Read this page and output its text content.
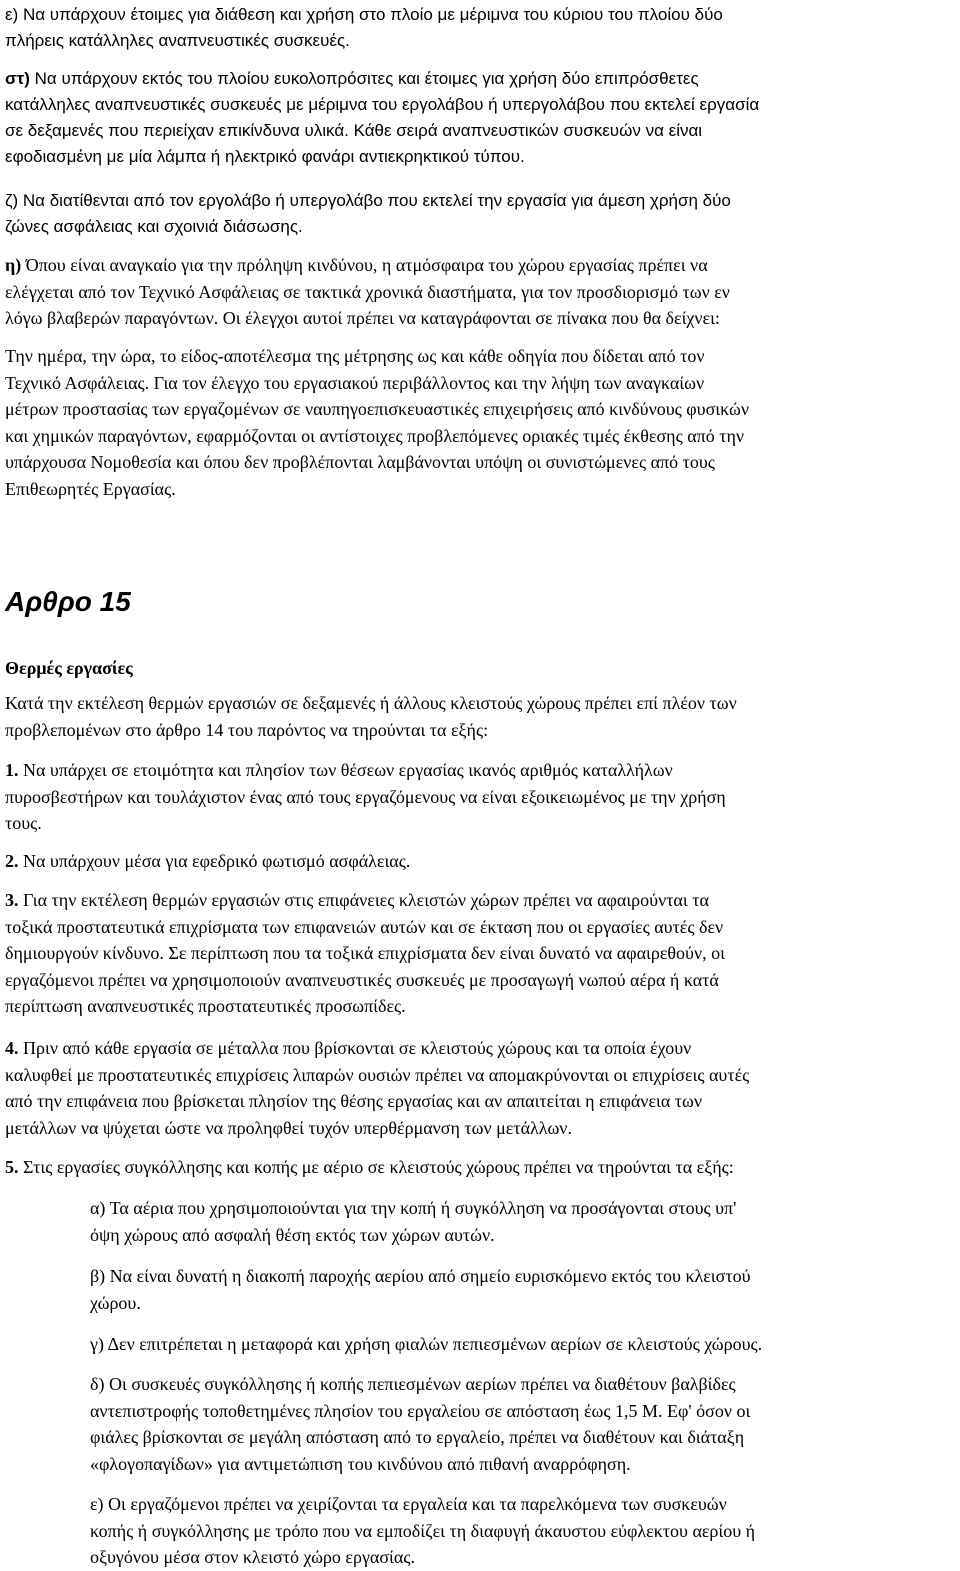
ε) Να υπάρχουν έτοιμες για διάθεση και χρήση στο πλοίο με μέριμνα του κύριου του πλοίου δύο
πλήρεις κατάλληλες αναπνευστικές συσκευές.

στ) Να υπάρχουν εκτός του πλοίου ευκολοπρόσιτες και έτοιμες για χρήση δύο επιπρόσθετες
κατάλληλες αναπνευστικές συσκευές με μέριμνα του εργολάβου ή υπεργολάβου που εκτελεί εργασία
σε δεξαμενές που περιείχαν επικίνδυνα υλικά. Κάθε σειρά αναπνευστικών συσκευών να είναι
εφοδιασμένη με μία λάμπα ή ηλεκτρικό φανάρι αντιεκρηκτικού τύπου.

ζ) Να διατίθενται από τον εργολάβο ή υπεργολάβο που εκτελεί την εργασία για άμεση χρήση δύο
ζώνες ασφάλειας και σχοινιά διάσωσης.

η) Όπου είναι αναγκαίο για την πρόληψη κινδύνου, η ατμόσφαιρα του χώρου εργασίας πρέπει να
ελέγχεται από τον Τεχνικό Ασφάλειας σε τακτικά χρονικά διαστήματα, για τον προσδιορισμό των εν
λόγω βλαβερών παραγόντων. Οι έλεγχοι αυτοί πρέπει να καταγράφονται σε πίνακα που θα δείχνει:

Την ημέρα, την ώρα, το είδος-αποτέλεσμα της μέτρησης ως και κάθε οδηγία που δίδεται από τον
Τεχνικό Ασφάλειας. Για τον έλεγχο του εργασιακού περιβάλλοντος και την λήψη των αναγκαίων
μέτρων προστασίας των εργαζομένων σε ναυπηγοεπισκευαστικές επιχειρήσεις από κινδύνους φυσικών
και χημικών παραγόντων, εφαρμόζονται οι αντίστοιχες προβλεπόμενες οριακές τιμές έκθεσης από την
υπάρχουσα Νομοθεσία και όπου δεν προβλέπονται λαμβάνονται υπόψη οι συνιστώμενες από τους
Επιθεωρητές Εργασίας.

Αρθρο 15
Θερμές εργασίες

Κατά την εκτέλεση θερμών εργασιών σε δεξαμενές ή άλλους κλειστούς χώρους πρέπει επί πλέον των
προβλεπομένων στο άρθρο 14 του παρόντος να τηρούνται τα εξής:

1. Να υπάρχει σε ετοιμότητα και πλησίον των θέσεων εργασίας ικανός αριθμός καταλλήλων
πυροσβεστήρων και τουλάχιστον ένας από τους εργαζόμενους να είναι εξοικειωμένος με την χρήση
τους.

2. Να υπάρχουν μέσα για εφεδρικό φωτισμό ασφάλειας.

3. Για την εκτέλεση θερμών εργασιών στις επιφάνειες κλειστών χώρων πρέπει να αφαιρούνται τα
τοξικά προστατευτικά επιχρίσματα των επιφανειών αυτών και σε έκταση που οι εργασίες αυτές δεν
δημιουργούν κίνδυνο. Σε περίπτωση που τα τοξικά επιχρίσματα δεν είναι δυνατό να αφαιρεθούν, οι
εργαζόμενοι πρέπει να χρησιμοποιούν αναπνευστικές συσκευές με προσαγωγή νωπού αέρα ή κατά
περίπτωση αναπνευστικές προστατευτικές προσωπίδες.

4. Πριν από κάθε εργασία σε μέταλλα που βρίσκονται σε κλειστούς χώρους και τα οποία έχουν
καλυφθεί με προστατευτικές επιχρίσεις λιπαρών ουσιών πρέπει να απομακρύνονται οι επιχρίσεις αυτές
από την επιφάνεια που βρίσκεται πλησίον της θέσης εργασίας και αν απαιτείται η επιφάνεια των
μετάλλων να ψύχεται ώστε να προληφθεί τυχόν υπερθέρμανση των μετάλλων.

5. Στις εργασίες συγκόλλησης και κοπής με αέριο σε κλειστούς χώρους πρέπει να τηρούνται τα εξής:

α) Τα αέρια που χρησιμοποιούνται για την κοπή ή συγκόλληση να προσάγονται στους υπ'
όψη χώρους από ασφαλή θέση εκτός των χώρων αυτών.

β) Να είναι δυνατή η διακοπή παροχής αερίου από σημείο ευρισκόμενο εκτός του κλειστού
χώρου.

γ) Δεν επιτρέπεται η μεταφορά και χρήση φιαλών πεπιεσμένων αερίων σε κλειστούς χώρους.

δ) Οι συσκευές συγκόλλησης ή κοπής πεπιεσμένων αερίων πρέπει να διαθέτουν βαλβίδες
αντεπιστροφής τοποθετημένες πλησίον του εργαλείου σε απόσταση έως 1,5 Μ. Εφ' όσον οι
φιάλες βρίσκονται σε μεγάλη απόσταση από το εργαλείο, πρέπει να διαθέτουν και διάταξη
«φλογοπαγίδων» για αντιμετώπιση του κινδύνου από πιθανή αναρρόφηση.

ε) Οι εργαζόμενοι πρέπει να χειρίζονται τα εργαλεία και τα παρελκόμενα των συσκευών
κοπής ή συγκόλλησης με τρόπο που να εμποδίζει τη διαφυγή άκαυστου εύφλεκτου αερίου ή
οξυγόνου μέσα στον κλειστό χώρο εργασίας.
